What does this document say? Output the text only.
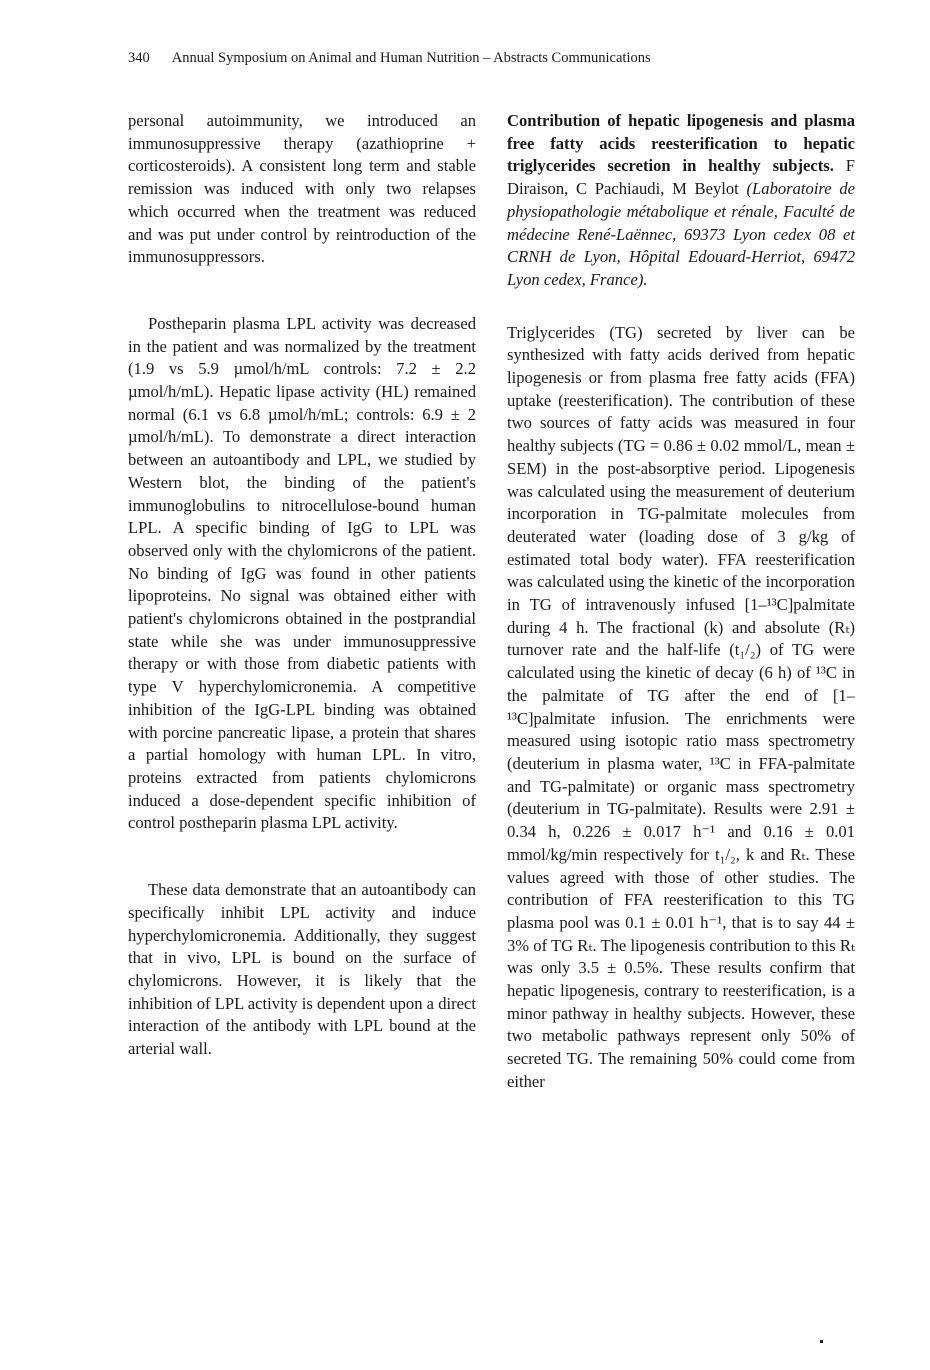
340 Annual Symposium on Animal and Human Nutrition – Abstracts Communications

personal autoimmunity, we introduced an immunosuppressive therapy (azathioprine + corticosteroids). A consistent long term and stable remission was induced with only two relapses which occurred when the treatment was reduced and was put under control by reintroduction of the immunosuppressors.

Postheparin plasma LPL activity was decreased in the patient and was normalized by the treatment (1.9 vs 5.9 µmol/h/mL controls: 7.2 ± 2.2 µmol/h/mL). Hepatic lipase activity (HL) remained normal (6.1 vs 6.8 µmol/h/mL; controls: 6.9 ± 2 µmol/h/mL). To demonstrate a direct interaction between an autoantibody and LPL, we studied by Western blot, the binding of the patient's immunoglobulins to nitrocellulose-bound human LPL. A specific binding of IgG to LPL was observed only with the chylomicrons of the patient. No binding of IgG was found in other patients lipoproteins. No signal was obtained either with patient's chylomicrons obtained in the postprandial state while she was under immunosuppressive therapy or with those from diabetic patients with type V hyperchylomicronemia. A competitive inhibition of the IgG-LPL binding was obtained with porcine pancreatic lipase, a protein that shares a partial homology with human LPL. In vitro, proteins extracted from patients chylomicrons induced a dose-dependent specific inhibition of control postheparin plasma LPL activity.

These data demonstrate that an autoantibody can specifically inhibit LPL activity and induce hyperchylomicronemia. Additionally, they suggest that in vivo, LPL is bound on the surface of chylomicrons. However, it is likely that the inhibition of LPL activity is dependent upon a direct interaction of the antibody with LPL bound at the arterial wall.

Contribution of hepatic lipogenesis and plasma free fatty acids reesterification to hepatic triglycerides secretion in healthy subjects. F Diraison, C Pachiaudi, M Beylot (Laboratoire de physiopathologie métabolique et rénale, Faculté de médecine René-Laënnec, 69373 Lyon cedex 08 et CRNH de Lyon, Hôpital Edouard-Herriot, 69472 Lyon cedex, France).

Triglycerides (TG) secreted by liver can be synthesized with fatty acids derived from hepatic lipogenesis or from plasma free fatty acids (FFA) uptake (reesterification). The contribution of these two sources of fatty acids was measured in four healthy subjects (TG = 0.86 ± 0.02 mmol/L, mean ± SEM) in the post-absorptive period. Lipogenesis was calculated using the measurement of deuterium incorporation in TG-palmitate molecules from deuterated water (loading dose of 3 g/kg of estimated total body water). FFA reesterification was calculated using the kinetic of the incorporation in TG of intravenously infused [1–¹³C]palmitate during 4 h. The fractional (k) and absolute (Rₜ) turnover rate and the half-life (t₁/₂) of TG were calculated using the kinetic of decay (6 h) of ¹³C in the palmitate of TG after the end of [1–¹³C]palmitate infusion. The enrichments were measured using isotopic ratio mass spectrometry (deuterium in plasma water, ¹³C in FFA-palmitate and TG-palmitate) or organic mass spectrometry (deuterium in TG-palmitate). Results were 2.91 ± 0.34 h, 0.226 ± 0.017 h⁻¹ and 0.16 ± 0.01 mmol/kg/min respectively for t₁/₂, k and Rₜ. These values agreed with those of other studies. The contribution of FFA reesterification to this TG plasma pool was 0.1 ± 0.01 h⁻¹, that is to say 44 ± 3% of TG Rₜ. The lipogenesis contribution to this Rₜ was only 3.5 ± 0.5%. These results confirm that hepatic lipogenesis, contrary to reesterification, is a minor pathway in healthy subjects. However, these two metabolic pathways represent only 50% of secreted TG. The remaining 50% could come from either
